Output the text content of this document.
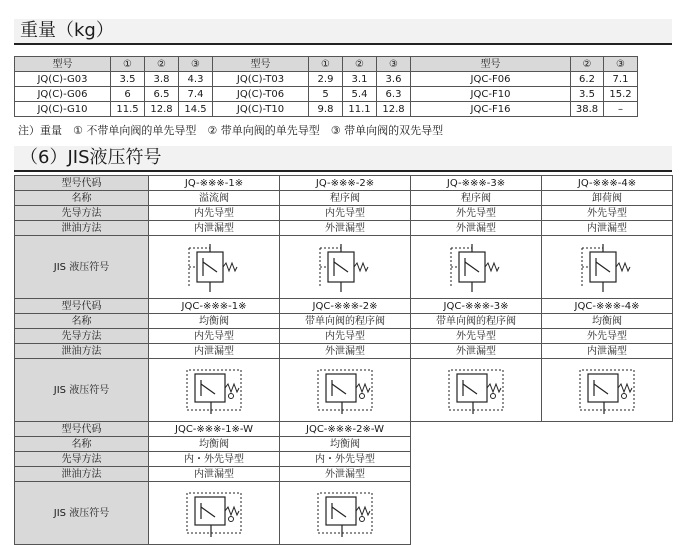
重量（kg）
型号	①	②	③	型号	①	②	③	型号	②	③
JQ(C)-G03	3.5	3.8	4.3	JQ(C)-T03	2.9	3.1	3.6	JQC-F06	6.2	7.1
JQ(C)-G06	6	6.5	7.4	JQ(C)-T06	5	5.4	6.3	JQC-F10	3.5	15.2
JQ(C)-G10	11.5	12.8	14.5	JQ(C)-T10	9.8	11.1	12.8	JQC-F16	38.8	–
注）重量　① 不带单向阀的单先导型　② 带单向阀的单先导型　③ 带单向阀的双先导型
（6）JIS液压符号
型号代码	JQ-※※※-1※	JQ-※※※-2※	JQ-※※※-3※	JQ-※※※-4※
名称	溢流阀	程序阀	程序阀	卸荷阀
先导方法	内先导型	内先导型	外先导型	外先导型
泄油方法	内泄漏型	外泄漏型	外泄漏型	内泄漏型
JIS 液压符号	

型号代码	JQC-※※※-1※	JQC-※※※-2※	JQC-※※※-3※	JQC-※※※-4※
名称	均衡阀	带单向阀的程序阀	带单向阀的程序阀	均衡阀
先导方法	内先导型	内先导型	外先导型	外先导型
泄油方法	内泄漏型	外泄漏型	外泄漏型	内泄漏型
JIS 液压符号	

型号代码	JQC-※※※-1※-W	JQC-※※※-2※-W
名称	均衡阀	均衡阀
先导方法	内・外先导型	内・外先导型
泄油方法	内泄漏型	外泄漏型
JIS 液压符号	
